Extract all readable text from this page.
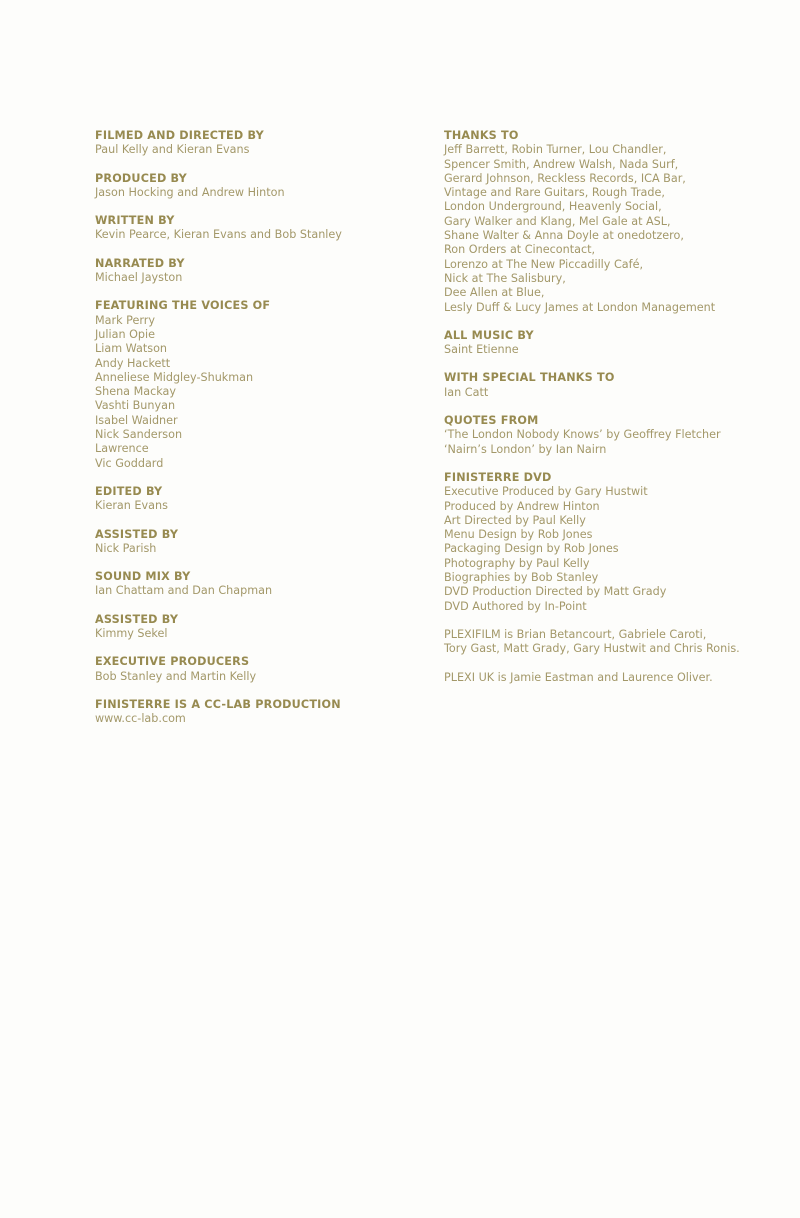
FILMED AND DIRECTED BY
Paul Kelly and Kieran Evans
PRODUCED BY
Jason Hocking and Andrew Hinton
WRITTEN BY
Kevin Pearce, Kieran Evans and Bob Stanley
NARRATED BY
Michael Jayston
FEATURING THE VOICES OF
Mark Perry
Julian Opie
Liam Watson
Andy Hackett
Anneliese Midgley-Shukman
Shena Mackay
Vashti Bunyan
Isabel Waidner
Nick Sanderson
Lawrence
Vic Goddard
EDITED BY
Kieran Evans
ASSISTED BY
Nick Parish
SOUND MIX BY
Ian Chattam and Dan Chapman
ASSISTED BY
Kimmy Sekel
EXECUTIVE PRODUCERS
Bob Stanley and Martin Kelly
FINISTERRE IS A CC-LAB PRODUCTION
www.cc-lab.com
THANKS TO
Jeff Barrett, Robin Turner, Lou Chandler,
Spencer Smith, Andrew Walsh, Nada Surf,
Gerard Johnson, Reckless Records, ICA Bar,
Vintage and Rare Guitars, Rough Trade,
London Underground, Heavenly Social,
Gary Walker and Klang, Mel Gale at ASL,
Shane Walter & Anna Doyle at onedotzero,
Ron Orders at Cinecontact,
Lorenzo at The New Piccadilly Café,
Nick at The Salisbury,
Dee Allen at Blue,
Lesly Duff & Lucy James at London Management
ALL MUSIC BY
Saint Etienne
WITH SPECIAL THANKS TO
Ian Catt
QUOTES FROM
‘The London Nobody Knows’ by Geoffrey Fletcher
‘Nairn’s London’ by Ian Nairn
FINISTERRE DVD
Executive Produced by Gary Hustwit
Produced by Andrew Hinton
Art Directed by Paul Kelly
Menu Design by Rob Jones
Packaging Design by Rob Jones
Photography by Paul Kelly
Biographies by Bob Stanley
DVD Production Directed by Matt Grady
DVD Authored by In-Point
PLEXIFILM is Brian Betancourt, Gabriele Caroti,
Tory Gast, Matt Grady, Gary Hustwit and Chris Ronis.
PLEXI UK is Jamie Eastman and Laurence Oliver.
